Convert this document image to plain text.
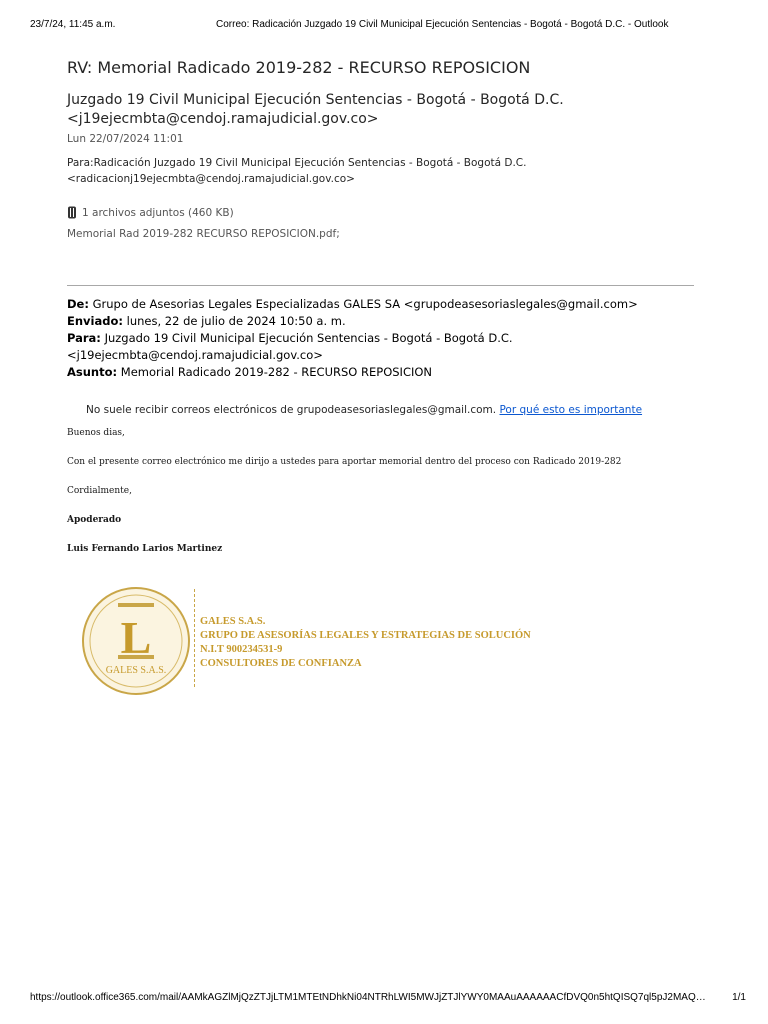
23/7/24, 11:45 a.m.	Correo: Radicación Juzgado 19 Civil Municipal Ejecución Sentencias - Bogotá - Bogotá D.C. - Outlook
RV: Memorial Radicado 2019-282 - RECURSO REPOSICION
Juzgado 19 Civil Municipal Ejecución Sentencias - Bogotá - Bogotá D.C.
<j19ejecmbta@cendoj.ramajudicial.gov.co>
Lun 22/07/2024 11:01
Para:Radicación Juzgado 19 Civil Municipal Ejecución Sentencias - Bogotá - Bogotá D.C.
<radicacionj19ejecmbta@cendoj.ramajudicial.gov.co>
1 archivos adjuntos (460 KB)
Memorial Rad 2019-282 RECURSO REPOSICION.pdf;
De: Grupo de Asesorias Legales Especializadas GALES SA <grupodeasesoriaslegales@gmail.com>
Enviado: lunes, 22 de julio de 2024 10:50 a. m.
Para: Juzgado 19 Civil Municipal Ejecución Sentencias - Bogotá - Bogotá D.C.
<j19ejecmbta@cendoj.ramajudicial.gov.co>
Asunto: Memorial Radicado 2019-282 - RECURSO REPOSICION
No suele recibir correos electrónicos de grupodeasesoriaslegales@gmail.com. Por qué esto es importante
Buenos dias,
Con el presente correo electrónico me dirijo a ustedes para aportar memorial dentro del proceso con Radicado 2019-282
Cordialmente,
Apoderado
Luis Fernando Larios Martinez
L
GALES S.A.S.
GALES S.A.S.
GRUPO DE ASESORÍAS LEGALES Y ESTRATEGIAS DE SOLUCIÓN
N.I.T 900234531-9
CONSULTORES DE CONFIANZA
https://outlook.office365.com/mail/AAMkAGZlMjQzZTJjLTM1MTEtNDhkNi04NTRhLWI5MWJjZTJlYWY0MAAuAAAAAACfDVQ0n5htQISQ7ql5pJ2MAQ…	1/1
